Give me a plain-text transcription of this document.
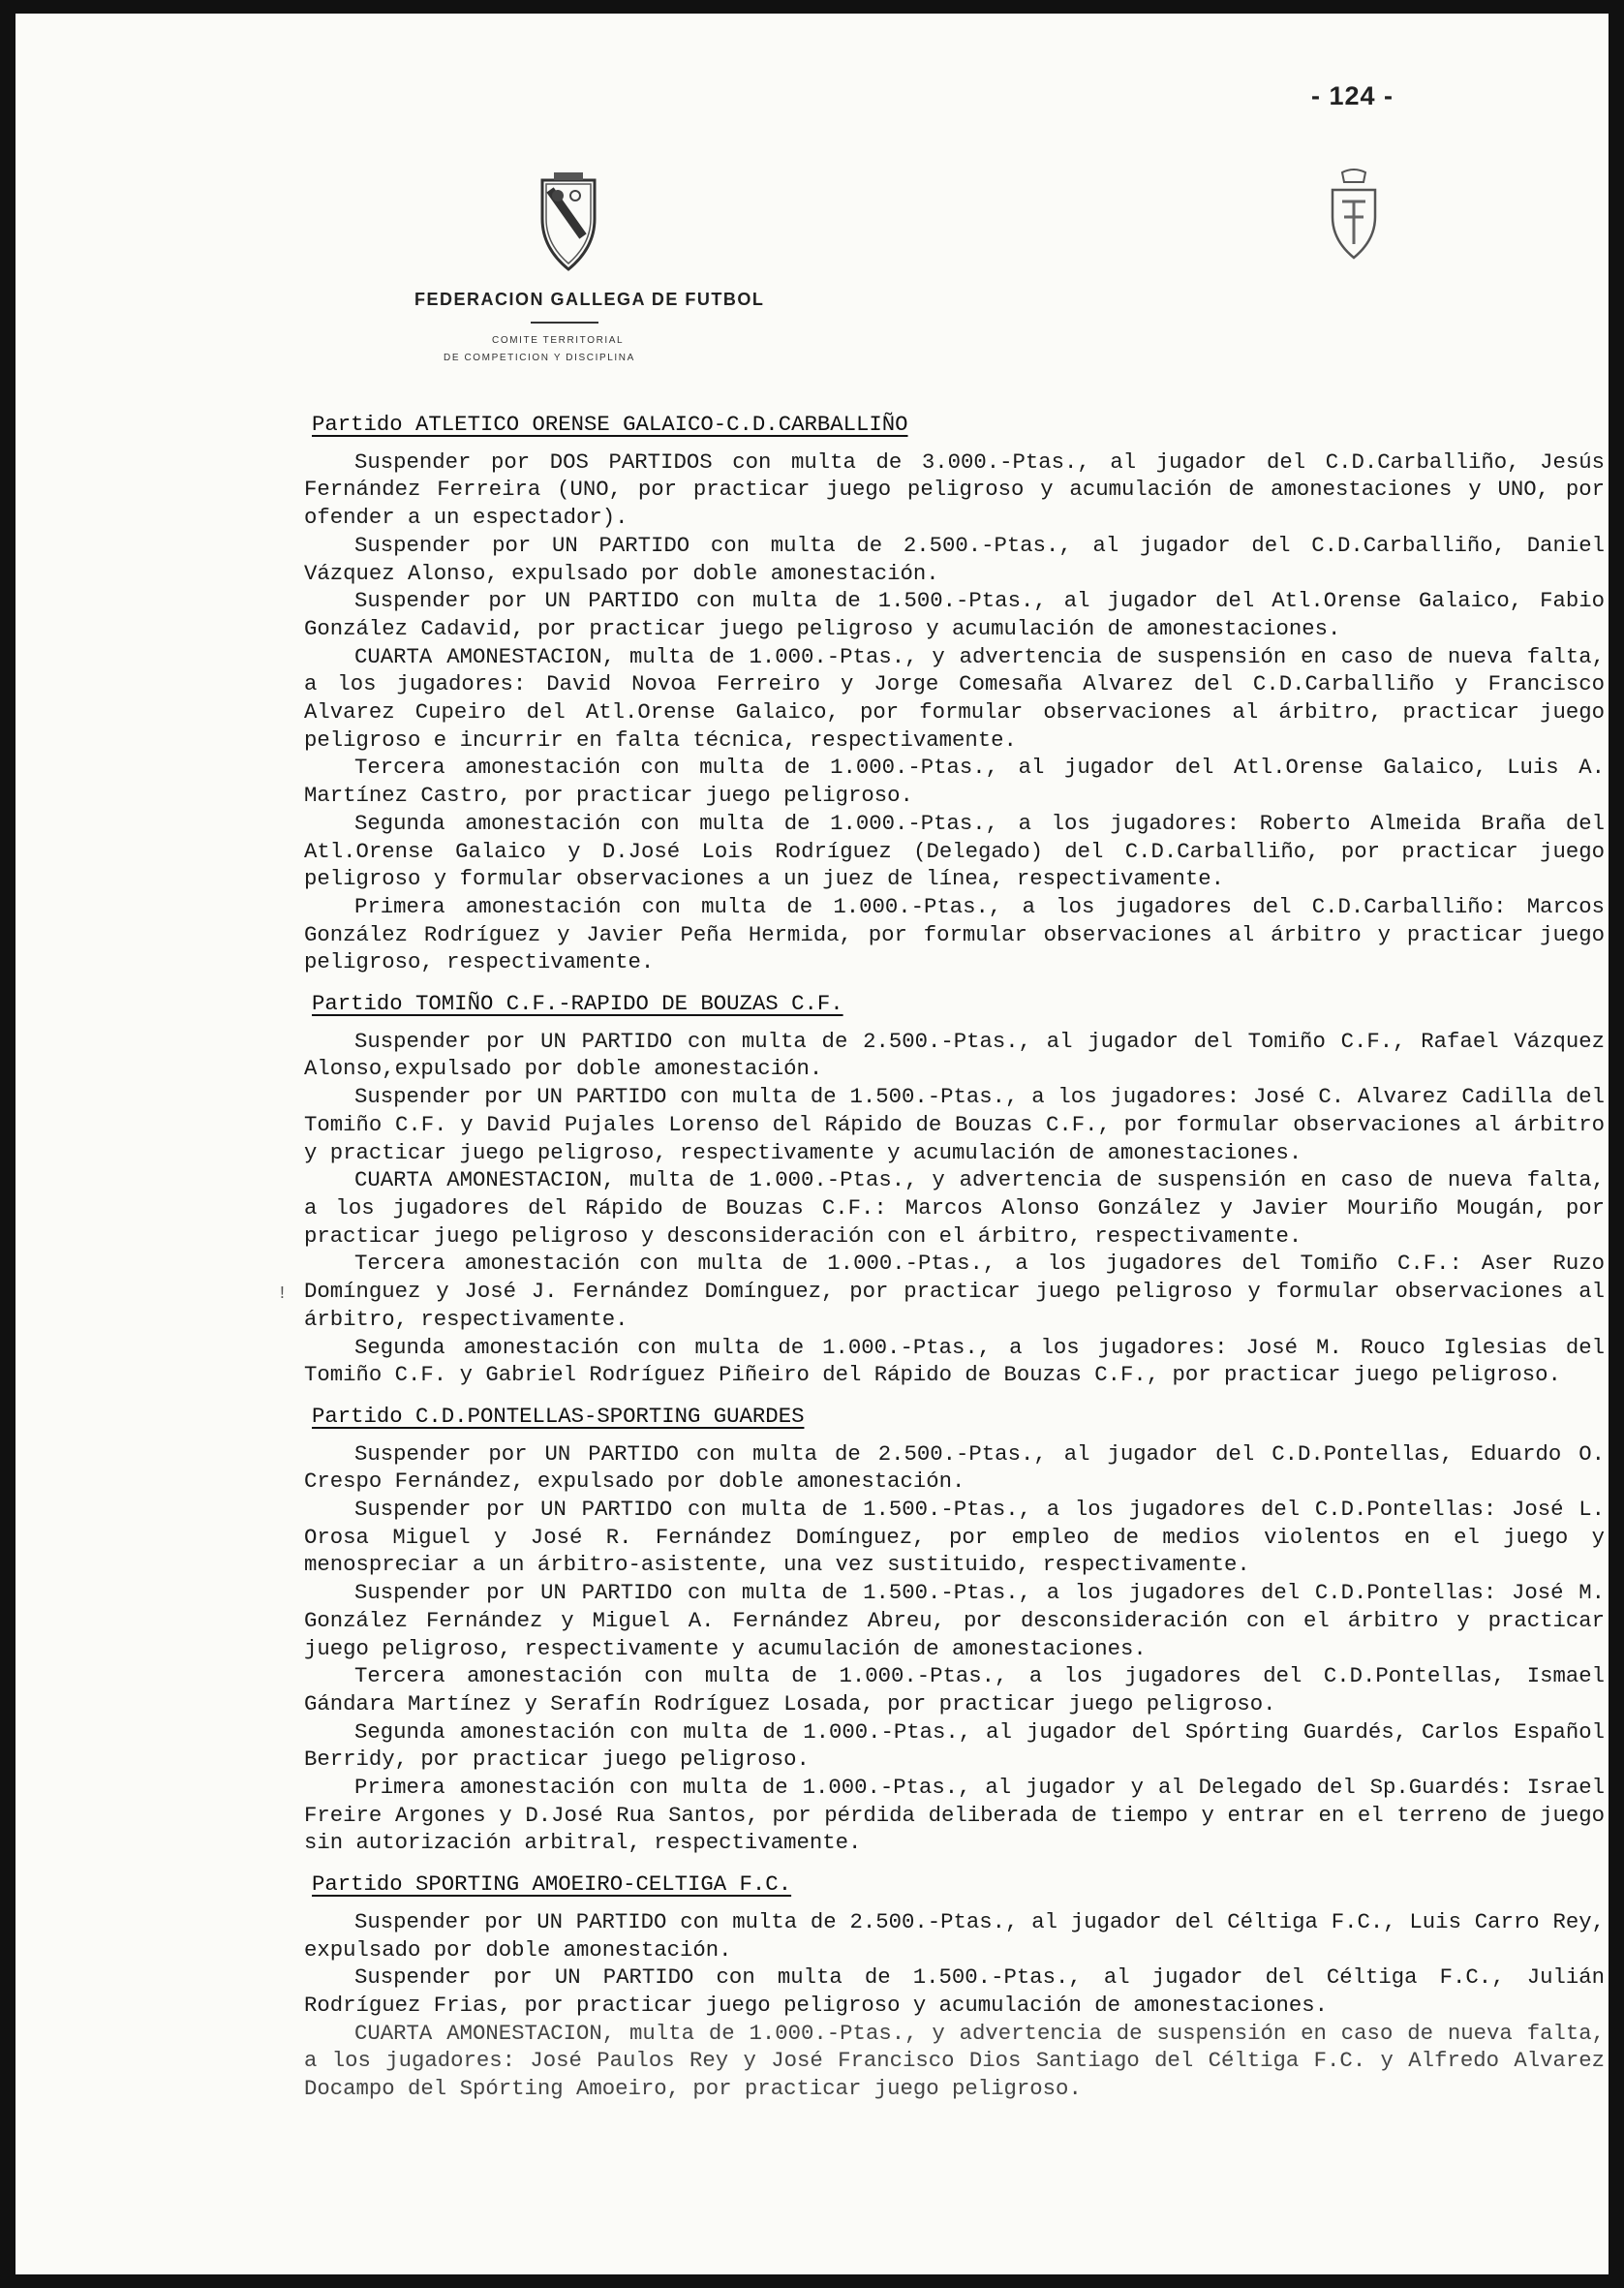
- 124 -
FEDERACION GALLEGA DE FUTBOL
COMITE TERRITORIAL
DE COMPETICION Y DISCIPLINA
Partido ATLETICO ORENSE GALAICO-C.D.CARBALLIÑO

Suspender por DOS PARTIDOS con multa de 3.000.-Ptas., al jugador del C.D.Carballiño, Jesús Fernández Ferreira (UNO, por practicar juego peligroso y acumulación de amonestaciones y UNO, por ofender a un espectador).

Suspender por UN PARTIDO con multa de 2.500.-Ptas., al jugador del C.D.Carballiño, Daniel Vázquez Alonso, expulsado por doble amonestación.

Suspender por UN PARTIDO con multa de 1.500.-Ptas., al jugador del Atl.Orense Galaico, Fabio González Cadavid, por practicar juego peligroso y acumulación de amonestaciones.

CUARTA AMONESTACION, multa de 1.000.-Ptas., y advertencia de suspensión en caso de nueva falta, a los jugadores: David Novoa Ferreiro y Jorge Comesaña Alvarez del C.D.Carballiño y Francisco Alvarez Cupeiro del Atl.Orense Galaico, por formular observaciones al árbitro, practicar juego peligroso e incurrir en falta técnica, respectivamente.

Tercera amonestación con multa de 1.000.-Ptas., al jugador del Atl.Orense Galaico, Luis A. Martínez Castro, por practicar juego peligroso.

Segunda amonestación con multa de 1.000.-Ptas., a los jugadores: Roberto Almeida Braña del Atl.Orense Galaico y D.José Lois Rodríguez (Delegado) del C.D.Carballiño, por practicar juego peligroso y formular observaciones a un juez de línea, respectivamente.

Primera amonestación con multa de 1.000.-Ptas., a los jugadores del C.D.Carballiño: Marcos González Rodríguez y Javier Peña Hermida, por formular observaciones al árbitro y practicar juego peligroso, respectivamente.

Partido TOMIÑO C.F.-RAPIDO DE BOUZAS C.F.

Suspender por UN PARTIDO con multa de 2.500.-Ptas., al jugador del Tomiño C.F., Rafael Vázquez Alonso,expulsado por doble amonestación.

Suspender por UN PARTIDO con multa de 1.500.-Ptas., a los jugadores: José C. Alvarez Cadilla del Tomiño C.F. y David Pujales Lorenso del Rápido de Bouzas C.F., por formular observaciones al árbitro y practicar juego peligroso, respectivamente y acumulación de amonestaciones.

CUARTA AMONESTACION, multa de 1.000.-Ptas., y advertencia de suspensión en caso de nueva falta, a los jugadores del Rápido de Bouzas C.F.: Marcos Alonso González y Javier Mouriño Mougán, por practicar juego peligroso y desconsideración con el árbitro, respectivamente.

Tercera amonestación con multa de 1.000.-Ptas., a los jugadores del Tomiño C.F.: Aser Ruzo Domínguez y José J. Fernández Domínguez, por practicar juego peligroso y formular observaciones al árbitro, respectivamente.

Segunda amonestación con multa de 1.000.-Ptas., a los jugadores: José M. Rouco Iglesias del Tomiño C.F. y Gabriel Rodríguez Piñeiro del Rápido de Bouzas C.F., por practicar juego peligroso.

Partido C.D.PONTELLAS-SPORTING GUARDES

Suspender por UN PARTIDO con multa de 2.500.-Ptas., al jugador del C.D.Pontellas, Eduardo O. Crespo Fernández, expulsado por doble amonestación.

Suspender por UN PARTIDO con multa de 1.500.-Ptas., a los jugadores del C.D.Pontellas: José L. Orosa Miguel y José R. Fernández Domínguez, por empleo de medios violentos en el juego y menospreciar a un árbitro-asistente, una vez sustituido, respectivamente.

Suspender por UN PARTIDO con multa de 1.500.-Ptas., a los jugadores del C.D.Pontellas: José M. González Fernández y Miguel A. Fernández Abreu, por desconsideración con el árbitro y practicar juego peligroso, respectivamente y acumulación de amonestaciones.

Tercera amonestación con multa de 1.000.-Ptas., a los jugadores del C.D.Pontellas, Ismael Gándara Martínez y Serafín Rodríguez Losada, por practicar juego peligroso.

Segunda amonestación con multa de 1.000.-Ptas., al jugador del Spórting Guardés, Carlos Español Berridy, por practicar juego peligroso.

Primera amonestación con multa de 1.000.-Ptas., al jugador y al Delegado del Sp.Guardés: Israel Freire Argones y D.José Rua Santos, por pérdida deliberada de tiempo y entrar en el terreno de juego sin autorización arbitral, respectivamente.

Partido SPORTING AMOEIRO-CELTIGA F.C.

Suspender por UN PARTIDO con multa de 2.500.-Ptas., al jugador del Céltiga F.C., Luis Carro Rey, expulsado por doble amonestación.

Suspender por UN PARTIDO con multa de 1.500.-Ptas., al jugador del Céltiga F.C., Julián Rodríguez Frias, por practicar juego peligroso y acumulación de amonestaciones.

CUARTA AMONESTACION, multa de 1.000.-Ptas., y advertencia de suspensión en caso de nueva falta, a los jugadores: José Paulos Rey y José Francisco Dios Santiago del Céltiga F.C. y Alfredo Alvarez Docampo del Spórting Amoeiro, por practicar juego peligroso.

!
